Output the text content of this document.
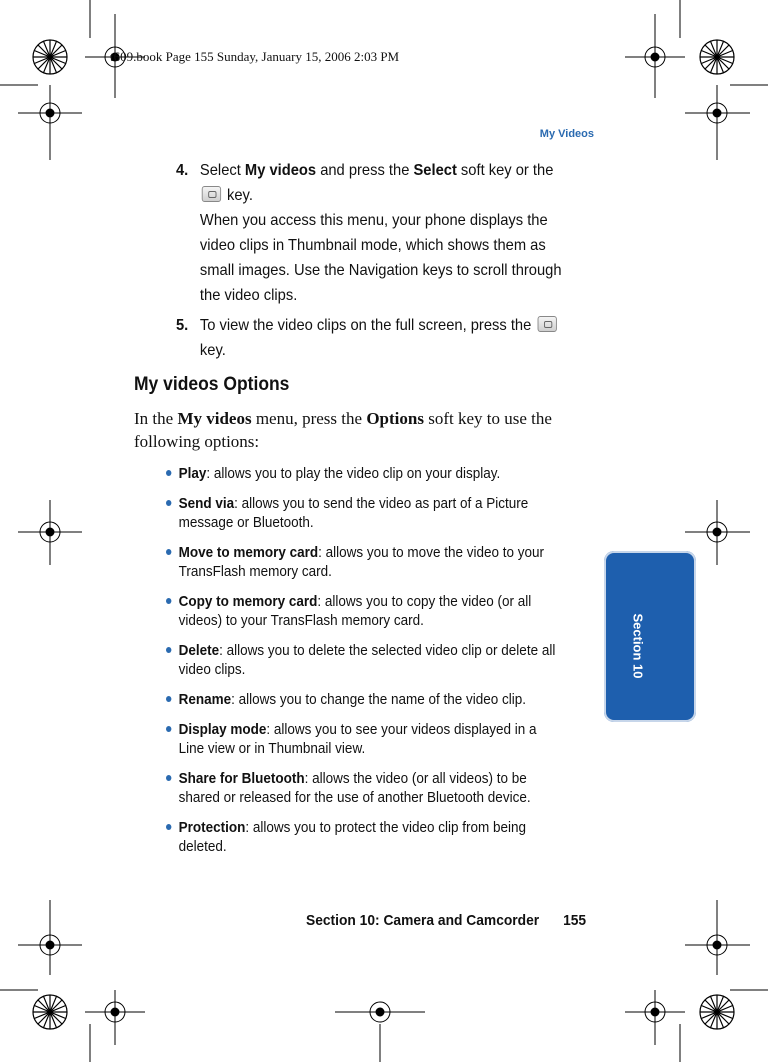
t609.book Page 155 Sunday, January 15, 2006 2:03 PM
My Videos
4. Select My videos and press the Select soft key or the
key.
When you access this menu, your phone displays the video clips in Thumbnail mode, which shows them as small images. Use the Navigation keys to scroll through the video clips.
5. To view the video clips on the full screen, press the
key.
My videos Options
In the My videos menu, press the Options soft key to use the following options:
Play: allows you to play the video clip on your display.
Send via: allows you to send the video as part of a Picture message or Bluetooth.
Move to memory card: allows you to move the video to your TransFlash memory card.
Copy to memory card: allows you to copy the video (or all videos) to your TransFlash memory card.
Delete: allows you to delete the selected video clip or delete all video clips.
Rename: allows you to change the name of the video clip.
Display mode: allows you to see your videos displayed in a Line view or in Thumbnail view.
Share for Bluetooth: allows the video (or all videos) to be shared or released for the use of another Bluetooth device.
Protection: allows you to protect the video clip from being deleted.
Section 10
Section 10: Camera and Camcorder 155
